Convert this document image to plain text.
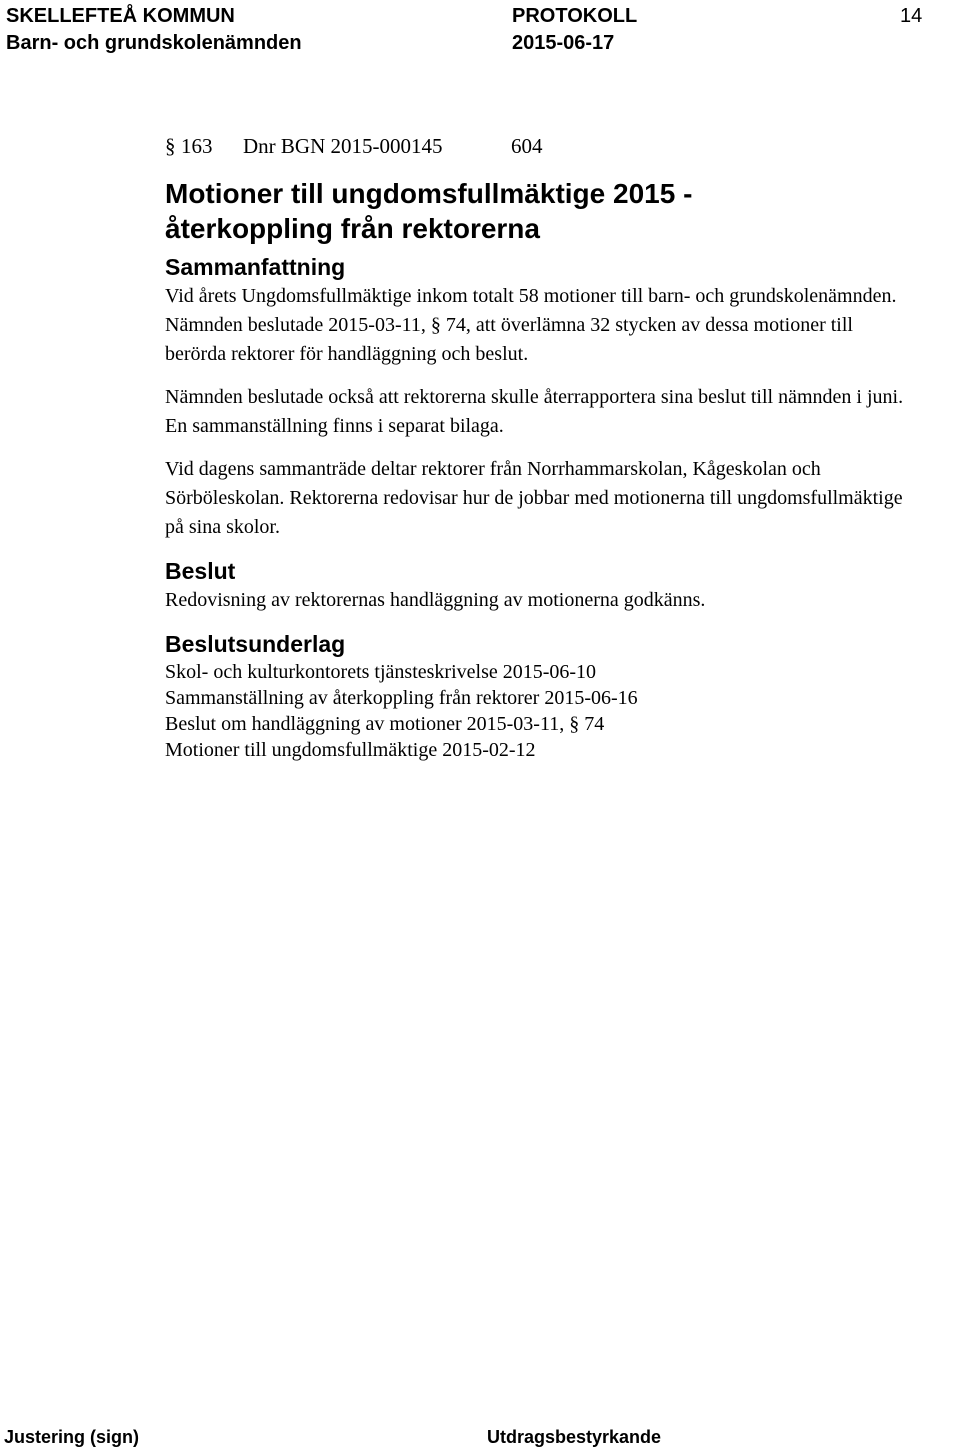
SKELLEFTEÅ KOMMUN
Barn- och grundskolenämnden
PROTOKOLL
2015-06-17
14
§ 163 Dnr BGN 2015-000145	604
Motioner till ungdomsfullmäktige 2015 -
återkoppling från rektorerna
Sammanfattning

Vid årets Ungdomsfullmäktige inkom totalt 58 motioner till barn- och grundskolenämnden. Nämnden beslutade 2015-03-11, § 74, att överlämna 32 stycken av dessa motioner till berörda rektorer för handläggning och beslut.

Nämnden beslutade också att rektorerna skulle återrapportera sina beslut till nämnden i juni. En sammanställning finns i separat bilaga.

Vid dagens sammanträde deltar rektorer från Norrhammarskolan, Kågeskolan och Sörböleskolan. Rektorerna redovisar hur de jobbar med motionerna till ungdomsfullmäktige på sina skolor.

Beslut

Redovisning av rektorernas handläggning av motionerna godkänns.

Beslutsunderlag
Skol- och kulturkontorets tjänsteskrivelse 2015-06-10
Sammanställning av återkoppling från rektorer 2015-06-16
Beslut om handläggning av motioner 2015-03-11, § 74
Motioner till ungdomsfullmäktige 2015-02-12
Justering (sign)	Utdragsbestyrkande
